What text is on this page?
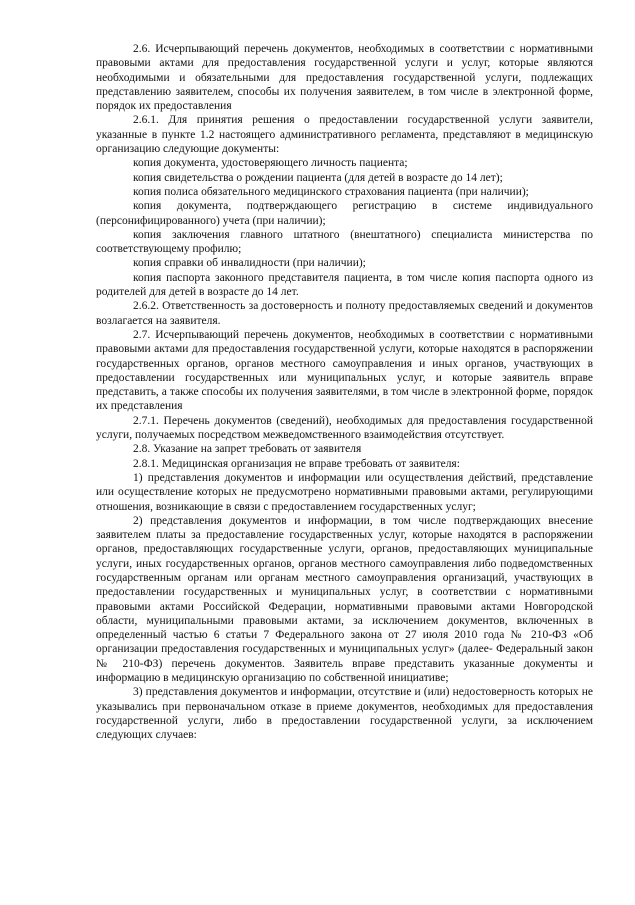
2.6. Исчерпывающий перечень документов, необходимых в соответствии с нормативными правовыми актами для предоставления государственной услуги и услуг, которые являются необходимыми и обязательными для предоставления государственной услуги, подлежащих представлению заявителем, способы их получения заявителем, в том числе в электронной форме, порядок их предоставления

2.6.1. Для принятия решения о предоставлении государственной услуги заявители, указанные в пункте 1.2 настоящего административного регламента, представляют в медицинскую организацию следующие документы:

копия документа, удостоверяющего личность пациента;

копия свидетельства о рождении пациента (для детей в возрасте до 14 лет);

копия полиса обязательного медицинского страхования пациента (при наличии);

копия документа, подтверждающего регистрацию в системе индивидуального (персонифицированного) учета (при наличии);

копия заключения главного штатного (внештатного) специалиста министерства по соответствующему профилю;

копия справки об инвалидности (при наличии);

копия паспорта законного представителя пациента, в том числе копия паспорта одного из родителей для детей в возрасте до 14 лет.

2.6.2. Ответственность за достоверность и полноту предоставляемых сведений и документов возлагается на заявителя.

2.7. Исчерпывающий перечень документов, необходимых в соответствии с нормативными правовыми актами для предоставления государственной услуги, которые находятся в распоряжении государственных органов, органов местного самоуправления и иных органов, участвующих в предоставлении государственных или муниципальных услуг, и которые заявитель вправе представить, а также способы их получения заявителями, в том числе в электронной форме, порядок их представления

2.7.1. Перечень документов (сведений), необходимых для предоставления государственной услуги, получаемых посредством межведомственного взаимодействия отсутствует.

2.8. Указание на запрет требовать от заявителя

2.8.1. Медицинская организация не вправе требовать от заявителя:

1) представления документов и информации или осуществления действий, представление или осуществление которых не предусмотрено нормативными правовыми актами, регулирующими отношения, возникающие в связи с предоставлением государственных услуг;

2) представления документов и информации, в том числе подтверждающих внесение заявителем платы за предоставление государственных услуг, которые находятся в распоряжении органов, предоставляющих государственные услуги, органов, предоставляющих муниципальные услуги, иных государственных органов, органов местного самоуправления либо подведомственных государственным органам или органам местного самоуправления организаций, участвующих в предоставлении государственных и муниципальных услуг, в соответствии с нормативными правовыми актами Российской Федерации, нормативными правовыми актами Новгородской области, муниципальными правовыми актами, за исключением документов, включенных в определенный частью 6 статьи 7 Федерального закона от 27 июля 2010 года № 210-ФЗ «Об организации предоставления государственных и муниципальных услуг» (далее- Федеральный закон № 210-ФЗ) перечень документов. Заявитель вправе представить указанные документы и информацию в медицинскую организацию по собственной инициативе;

3) представления документов и информации, отсутствие и (или) недостоверность которых не указывались при первоначальном отказе в приеме документов, необходимых для предоставления государственной услуги, либо в предоставлении государственной услуги, за исключением следующих случаев:
